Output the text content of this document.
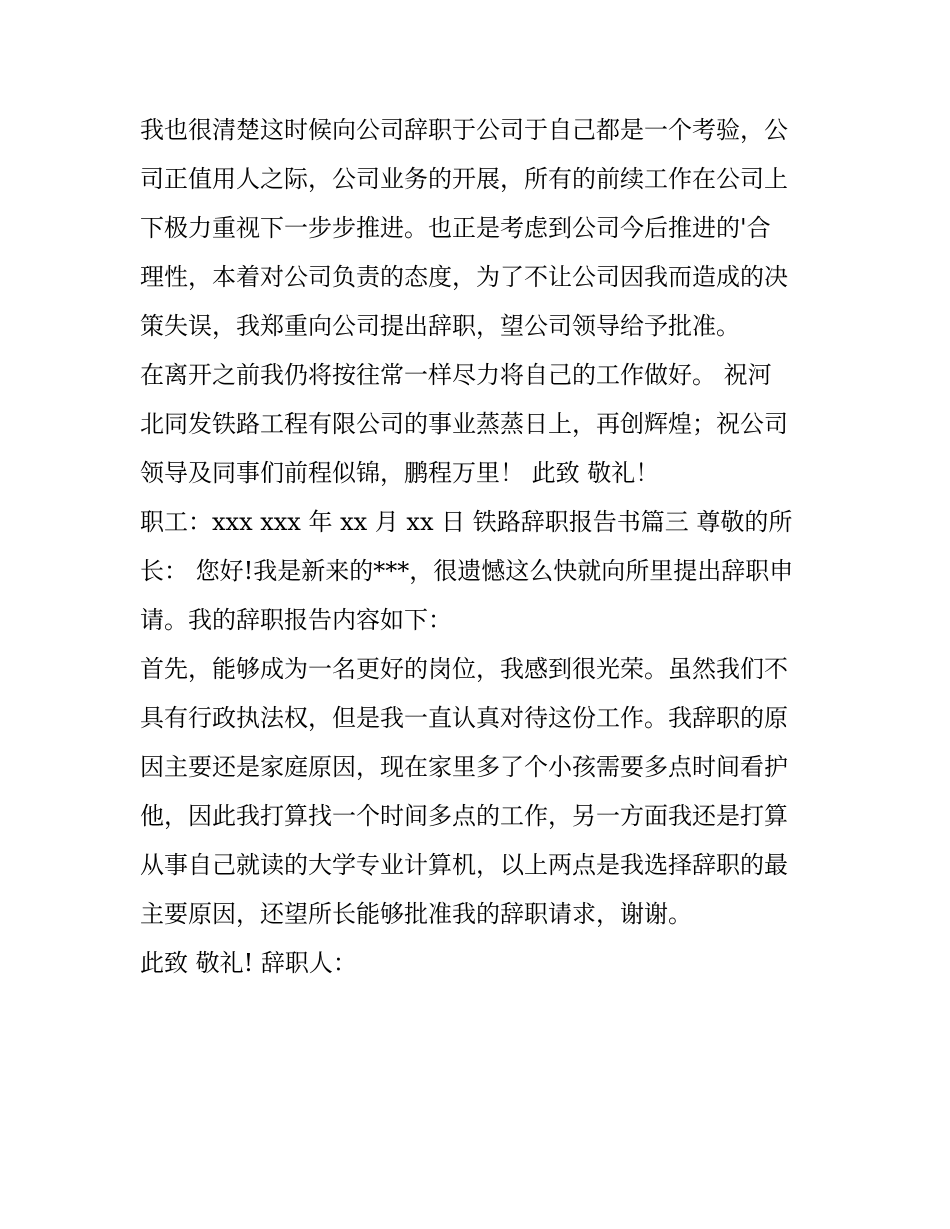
我也很清楚这时候向公司辞职于公司于自己都是一个考验，公
司正值用人之际，公司业务的开展，所有的前续工作在公司上
下极力重视下一步步推进。也正是考虑到公司今后推进的'合
理性，本着对公司负责的态度，为了不让公司因我而造成的决
策失误，我郑重向公司提出辞职，望公司领导给予批准。
在离开之前我仍将按往常一样尽力将自己的工作做好。 祝河
北同发铁路工程有限公司的事业蒸蒸日上，再创辉煌；祝公司
领导及同事们前程似锦，鹏程万里！ 此致 敬礼！
职工：xxx xxx 年 xx 月 xx 日 铁路辞职报告书篇三 尊敬的所
长： 您好!我是新来的***，很遗憾这么快就向所里提出辞职申
请。我的辞职报告内容如下：
首先，能够成为一名更好的岗位，我感到很光荣。虽然我们不
具有行政执法权，但是我一直认真对待这份工作。我辞职的原
因主要还是家庭原因，现在家里多了个小孩需要多点时间看护
他，因此我打算找一个时间多点的工作，另一方面我还是打算
从事自己就读的大学专业计算机，以上两点是我选择辞职的最
主要原因，还望所长能够批准我的辞职请求，谢谢。
此致 敬礼! 辞职人：
